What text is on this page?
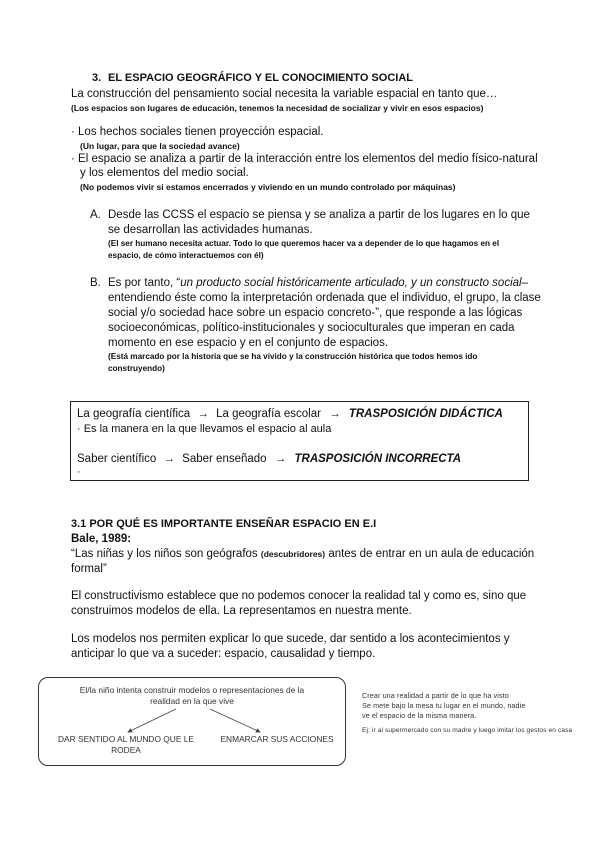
3. EL ESPACIO GEOGRÁFICO Y EL CONOCIMIENTO SOCIAL
La construcción del pensamiento social necesita la variable espacial en tanto que…
(Los espacios son lugares de educación, tenemos la necesidad de socializar y vivir en esos espacios)
· Los hechos sociales tienen proyección espacial.
(Un lugar, para que la sociedad avance)
· El espacio se analiza a partir de la interacción entre los elementos del medio físico-natural
y los elementos del medio social.
(No podemos vivir si estamos encerrados y viviendo en un mundo controlado por máquinas)
A. Desde las CCSS el espacio se piensa y se analiza a partir de los lugares en lo que
se desarrollan las actividades humanas.
(El ser humano necesita actuar. Todo lo que queremos hacer va a depender de lo que hagamos en el
espacio, de cómo interactuemos con él)
B. Es por tanto, “un producto social históricamente articulado, y un constructo social–
entendiendo éste como la interpretación ordenada que el individuo, el grupo, la clase
social y/o sociedad hace sobre un espacio concreto-”, que responde a las lógicas
socioeconómicas, político-institucionales y socioculturales que imperan en cada
momento en ese espacio y en el conjunto de espacios.
(Está marcado por la historia que se ha vivido y la construcción histórica que todos hemos ido
construyendo)
La geografía científica → La geografía escolar → TRASPOSICIÓN DIDÁCTICA
· Es la manera en la que llevamos el espacio al aula
Saber científico → Saber enseñado → TRASPOSICIÓN INCORRECTA
·
3.1 POR QUÉ ES IMPORTANTE ENSEÑAR ESPACIO EN E.I
Bale, 1989:
“Las niñas y los niños son geógrafos (descubridores) antes de entrar en un aula de educación
formal”
El constructivismo establece que no podemos conocer la realidad tal y como es, sino que
construimos modelos de ella. La representamos en nuestra mente.
Los modelos nos permiten explicar lo que sucede, dar sentido a los acontecimientos y
anticipar lo que va a suceder: espacio, causalidad y tiempo.
El/la niño intenta construir modelos o representaciones de la
realidad en la que vive
DAR SENTIDO AL MUNDO QUE LE
RODEA
ENMARCAR SUS ACCIONES
Crear una realidad a partir de lo que ha visto
Se mete bajo la mesa tu lugar en el mundo, nadie
ve el espacio de la misma manera.
Ej: ir al supermercado con su madre y luego imitar los gestos en casa
